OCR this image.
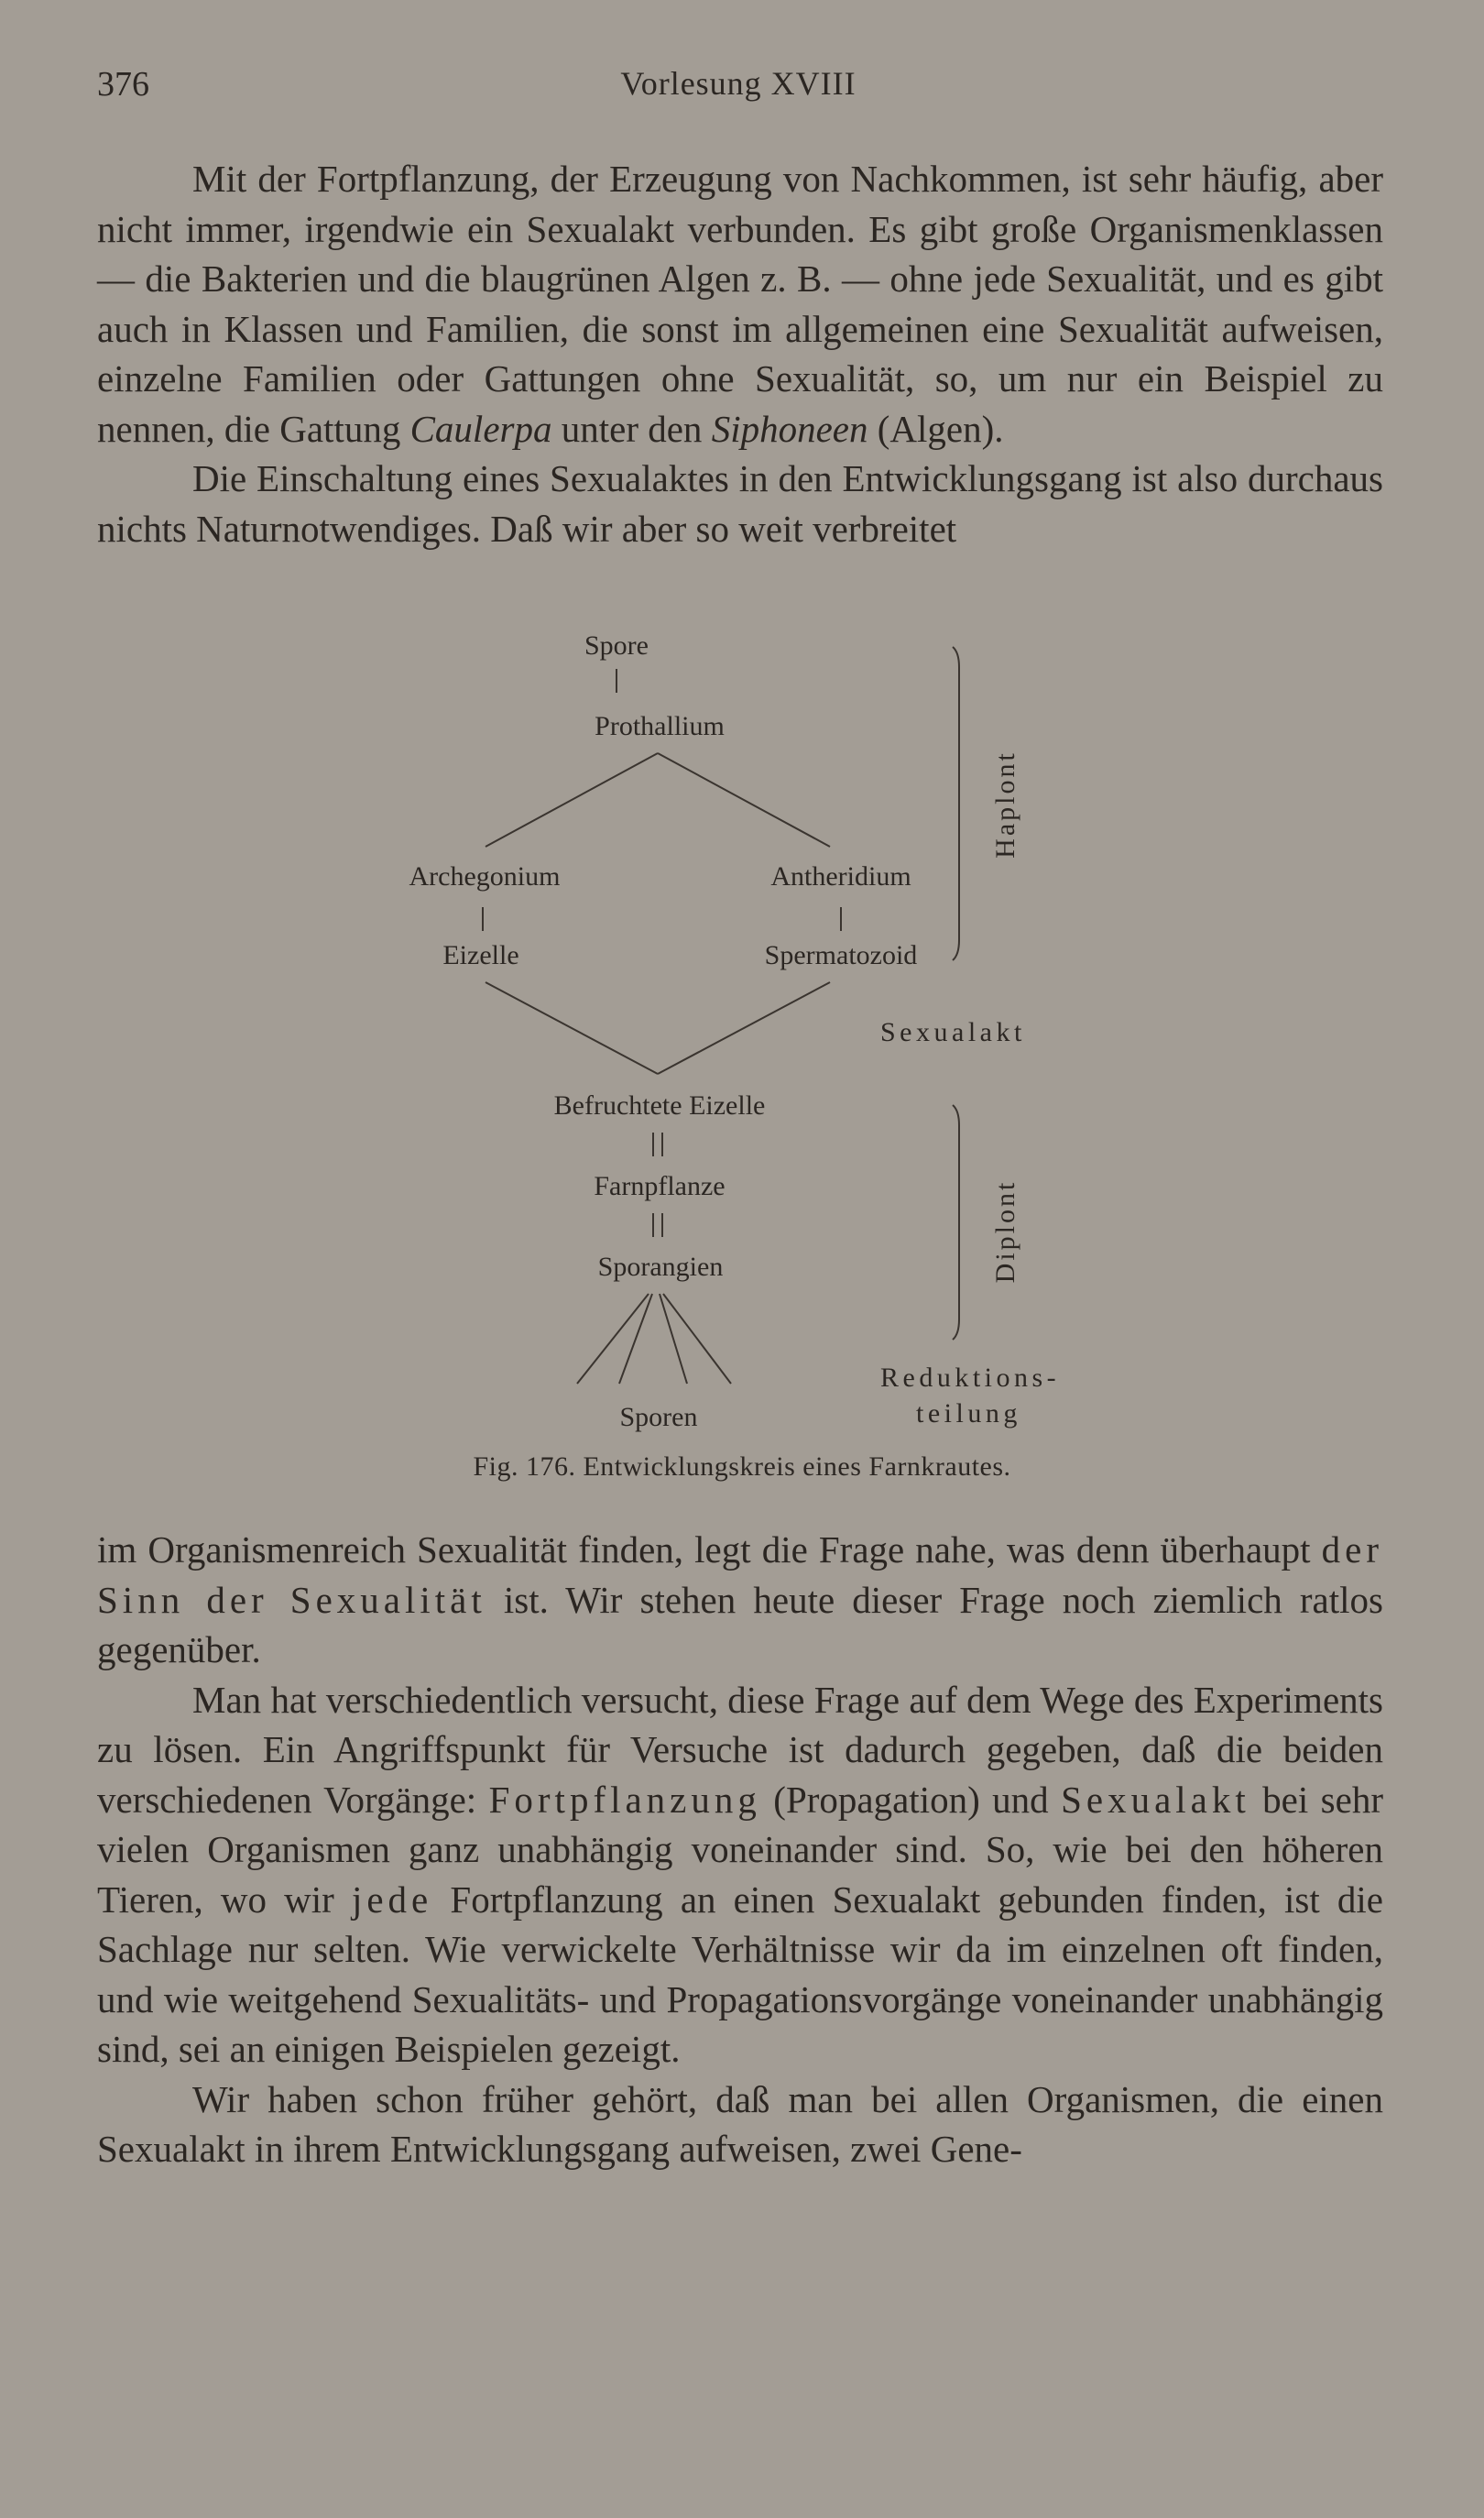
376	Vorlesung XVIII

Mit der Fortpflanzung, der Erzeugung von Nachkommen, ist sehr häufig, aber nicht immer, irgendwie ein Sexualakt verbunden. Es gibt große Organismenklassen — die Bakterien und die blaugrünen Algen z. B. — ohne jede Sexualität, und es gibt auch in Klassen und Familien, die sonst im allgemeinen eine Sexualität aufweisen, einzelne Familien oder Gattungen ohne Sexualität, so, um nur ein Beispiel zu nennen, die Gattung Caulerpa unter den Siphoneen (Algen).

Die Einschaltung eines Sexualaktes in den Entwicklungsgang ist also durchaus nichts Naturnotwendiges. Daß wir aber so weit verbreitet

Spore
Prothallium
Archegonium	Antheridium
Eizelle	Spermatozoid
Befruchtete Eizelle
Farnpflanze
Sporangien
Sporen
Haplont
Diplont
Sexualakt
Reduktions-
teilung
Fig. 176. Entwicklungskreis eines Farnkrautes.

im Organismenreich Sexualität finden, legt die Frage nahe, was denn überhaupt der Sinn der Sexualität ist. Wir stehen heute dieser Frage noch ziemlich ratlos gegenüber.

Man hat verschiedentlich versucht, diese Frage auf dem Wege des Experiments zu lösen. Ein Angriffspunkt für Versuche ist dadurch gegeben, daß die beiden verschiedenen Vorgänge: Fortpflanzung (Propagation) und Sexualakt bei sehr vielen Organismen ganz unabhängig voneinander sind. So, wie bei den höheren Tieren, wo wir jede Fortpflanzung an einen Sexualakt gebunden finden, ist die Sachlage nur selten. Wie verwickelte Verhältnisse wir da im einzelnen oft finden, und wie weitgehend Sexualitäts- und Propagationsvorgänge voneinander unabhängig sind, sei an einigen Beispielen gezeigt.

Wir haben schon früher gehört, daß man bei allen Organismen, die einen Sexualakt in ihrem Entwicklungsgang aufweisen, zwei Gene-
